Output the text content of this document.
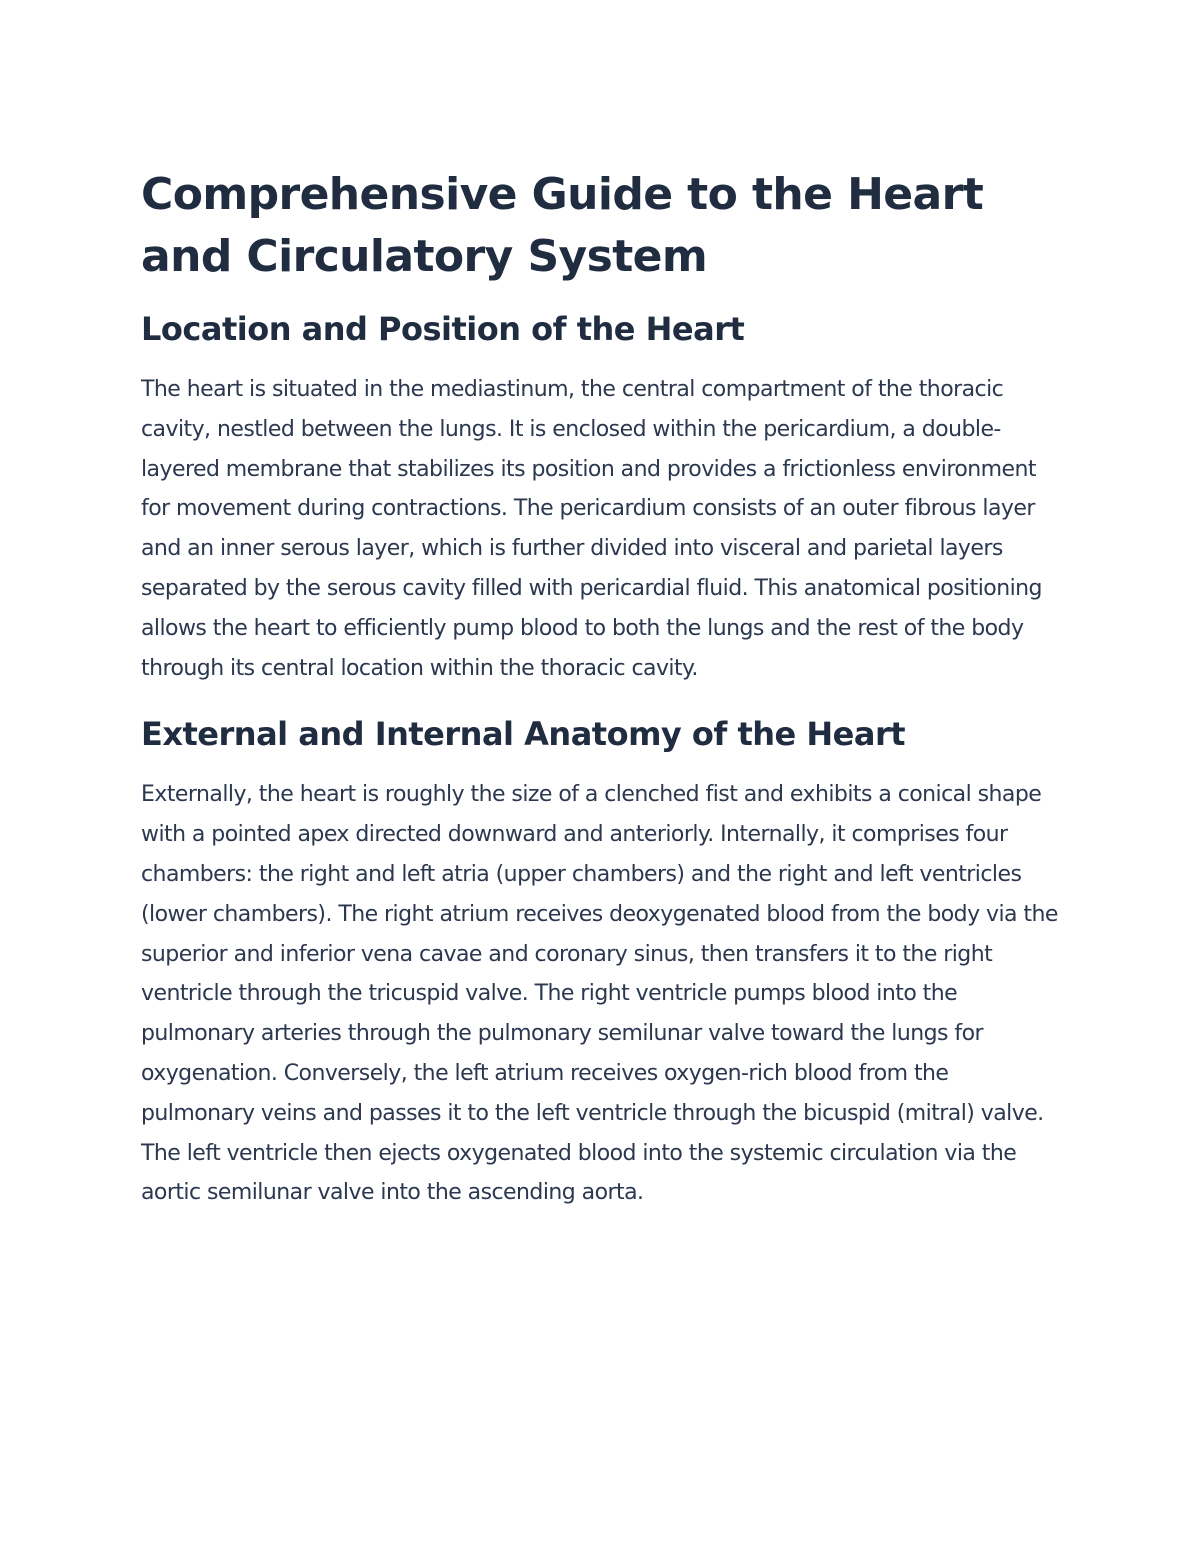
Comprehensive Guide to the Heart and Circulatory System
Location and Position of the Heart

The heart is situated in the mediastinum, the central compartment of the thoracic cavity, nestled between the lungs. It is enclosed within the pericardium, a double-layered membrane that stabilizes its position and provides a frictionless environment for movement during contractions. The pericardium consists of an outer fibrous layer and an inner serous layer, which is further divided into visceral and parietal layers separated by the serous cavity filled with pericardial fluid. This anatomical positioning allows the heart to efficiently pump blood to both the lungs and the rest of the body through its central location within the thoracic cavity.

External and Internal Anatomy of the Heart

Externally, the heart is roughly the size of a clenched fist and exhibits a conical shape with a pointed apex directed downward and anteriorly. Internally, it comprises four chambers: the right and left atria (upper chambers) and the right and left ventricles (lower chambers). The right atrium receives deoxygenated blood from the body via the superior and inferior vena cavae and coronary sinus, then transfers it to the right ventricle through the tricuspid valve. The right ventricle pumps blood into the pulmonary arteries through the pulmonary semilunar valve toward the lungs for oxygenation. Conversely, the left atrium receives oxygen-rich blood from the pulmonary veins and passes it to the left ventricle through the bicuspid (mitral) valve. The left ventricle then ejects oxygenated blood into the systemic circulation via the aortic semilunar valve into the ascending aorta.
